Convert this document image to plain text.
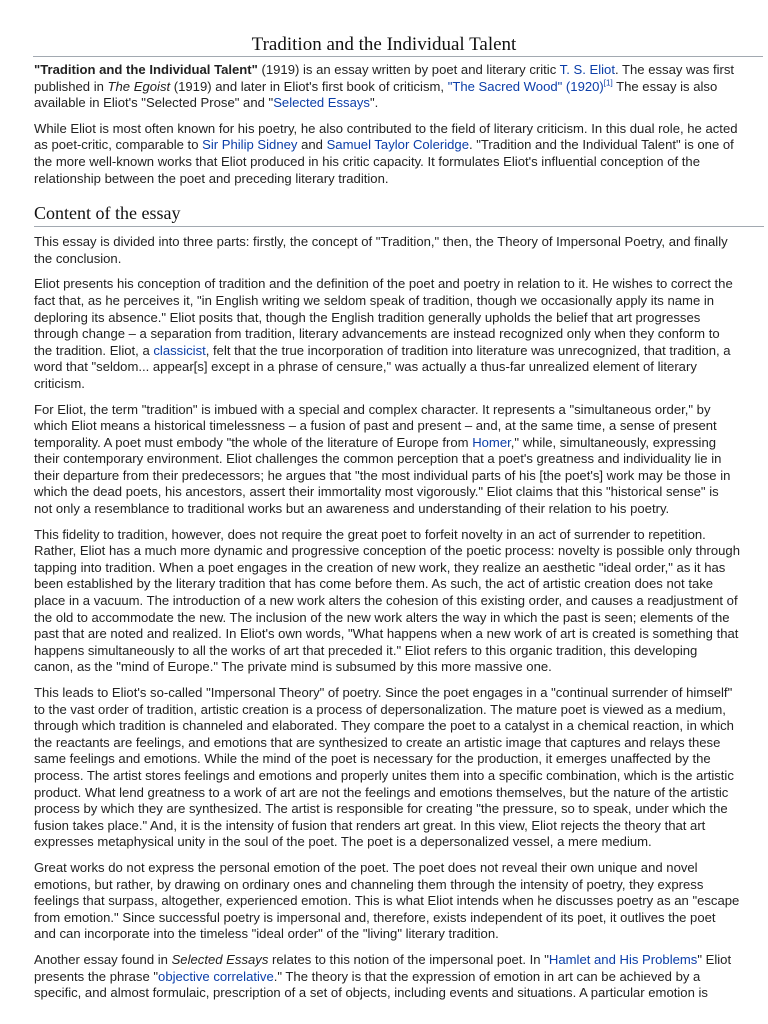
Tradition and the Individual Talent

"Tradition and the Individual Talent" (1919) is an essay written by poet and literary critic T. S. Eliot. The essay was first published in The Egoist (1919) and later in Eliot's first book of criticism, "The Sacred Wood" (1920)[1] The essay is also available in Eliot's "Selected Prose" and "Selected Essays".

While Eliot is most often known for his poetry, he also contributed to the field of literary criticism. In this dual role, he acted as poet-critic, comparable to Sir Philip Sidney and Samuel Taylor Coleridge. "Tradition and the Individual Talent" is one of the more well-known works that Eliot produced in his critic capacity. It formulates Eliot's influential conception of the relationship between the poet and preceding literary tradition.

Content of the essay

This essay is divided into three parts: firstly, the concept of "Tradition," then, the Theory of Impersonal Poetry, and finally the conclusion.

Eliot presents his conception of tradition and the definition of the poet and poetry in relation to it. He wishes to correct the fact that, as he perceives it, "in English writing we seldom speak of tradition, though we occasionally apply its name in deploring its absence." Eliot posits that, though the English tradition generally upholds the belief that art progresses through change – a separation from tradition, literary advancements are instead recognized only when they conform to the tradition. Eliot, a classicist, felt that the true incorporation of tradition into literature was unrecognized, that tradition, a word that "seldom... appear[s] except in a phrase of censure," was actually a thus-far unrealized element of literary criticism.

For Eliot, the term "tradition" is imbued with a special and complex character. It represents a "simultaneous order," by which Eliot means a historical timelessness – a fusion of past and present – and, at the same time, a sense of present temporality. A poet must embody "the whole of the literature of Europe from Homer," while, simultaneously, expressing their contemporary environment. Eliot challenges the common perception that a poet's greatness and individuality lie in their departure from their predecessors; he argues that "the most individual parts of his [the poet's] work may be those in which the dead poets, his ancestors, assert their immortality most vigorously." Eliot claims that this "historical sense" is not only a resemblance to traditional works but an awareness and understanding of their relation to his poetry.

This fidelity to tradition, however, does not require the great poet to forfeit novelty in an act of surrender to repetition. Rather, Eliot has a much more dynamic and progressive conception of the poetic process: novelty is possible only through tapping into tradition. When a poet engages in the creation of new work, they realize an aesthetic "ideal order," as it has been established by the literary tradition that has come before them. As such, the act of artistic creation does not take place in a vacuum. The introduction of a new work alters the cohesion of this existing order, and causes a readjustment of the old to accommodate the new. The inclusion of the new work alters the way in which the past is seen; elements of the past that are noted and realized. In Eliot's own words, "What happens when a new work of art is created is something that happens simultaneously to all the works of art that preceded it." Eliot refers to this organic tradition, this developing canon, as the "mind of Europe." The private mind is subsumed by this more massive one.

This leads to Eliot's so-called "Impersonal Theory" of poetry. Since the poet engages in a "continual surrender of himself" to the vast order of tradition, artistic creation is a process of depersonalization. The mature poet is viewed as a medium, through which tradition is channeled and elaborated. They compare the poet to a catalyst in a chemical reaction, in which the reactants are feelings, and emotions that are synthesized to create an artistic image that captures and relays these same feelings and emotions. While the mind of the poet is necessary for the production, it emerges unaffected by the process. The artist stores feelings and emotions and properly unites them into a specific combination, which is the artistic product. What lend greatness to a work of art are not the feelings and emotions themselves, but the nature of the artistic process by which they are synthesized. The artist is responsible for creating "the pressure, so to speak, under which the fusion takes place." And, it is the intensity of fusion that renders art great. In this view, Eliot rejects the theory that art expresses metaphysical unity in the soul of the poet. The poet is a depersonalized vessel, a mere medium.

Great works do not express the personal emotion of the poet. The poet does not reveal their own unique and novel emotions, but rather, by drawing on ordinary ones and channeling them through the intensity of poetry, they express feelings that surpass, altogether, experienced emotion. This is what Eliot intends when he discusses poetry as an "escape from emotion." Since successful poetry is impersonal and, therefore, exists independent of its poet, it outlives the poet and can incorporate into the timeless "ideal order" of the "living" literary tradition.

Another essay found in Selected Essays relates to this notion of the impersonal poet. In "Hamlet and His Problems" Eliot presents the phrase "objective correlative." The theory is that the expression of emotion in art can be achieved by a specific, and almost formulaic, prescription of a set of objects, including events and situations. A particular emotion is
